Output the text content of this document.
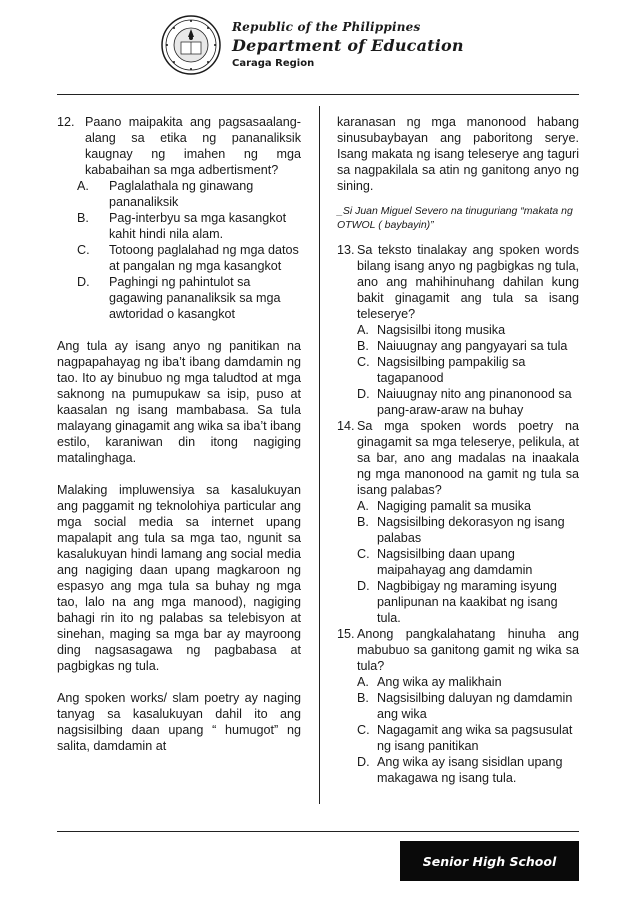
Republic of the Philippines
Department of Education
Caraga Region
12. Paano maipakita ang pagsasaalang-alang sa etika ng pananaliksik kaugnay ng imahen ng mga kababaihan sa mga adbertisment?
A.	Paglalathala ng ginawang pananaliksik
B.	Pag-interbyu sa mga kasangkot kahit hindi nila alam.
C.	Totoong paglalahad ng mga datos at pangalan ng mga kasangkot
D.	Paghingi ng pahintulot sa gagawing pananaliksik sa mga awtoridad o kasangkot

Ang tula ay isang anyo ng panitikan na nagpapahayag ng iba’t ibang damdamin ng tao. Ito ay binubuo ng mga taludtod at mga saknong na pumupukaw sa isip, puso at kaasalan ng isang mambabasa. Sa tula malayang ginagamit ang wika sa iba’t ibang estilo, karaniwan din itong nagiging matalinghaga.

Malaking impluwensiya sa kasalukuyan ang paggamit ng teknolohiya particular ang mga social media sa internet upang mapalapit ang tula sa mga tao, ngunit sa kasalukuyan hindi lamang ang social media ang nagiging daan upang magkaroon ng espasyo ang mga tula sa buhay ng mga tao, lalo na ang mga manood), nagiging bahagi rin ito ng palabas sa telebisyon at sinehan, maging sa mga bar ay mayroong ding nagsasagawa ng pagbabasa at pagbigkas ng tula.

Ang spoken works/ slam poetry ay naging tanyag sa kasalukuyan dahil ito ang nagsisilbing daan upang “ humugot” ng salita, damdamin at

karanasan ng mga manonood habang sinusubaybayan ang paboritong serye. Isang makata ng isang teleserye ang taguri sa nagpakilala sa atin ng ganitong anyo ng sining.

_Si Juan Miguel Severo na tinuguriang “makata ng OTWOL ( baybayin)”

13. Sa teksto tinalakay ang spoken words bilang isang anyo ng pagbigkas ng tula, ano ang mahihinuhang dahilan kung bakit ginagamit ang tula sa isang teleserye?
A. Nagsisilbi itong musika
B. Naiuugnay ang pangyayari sa tula
C. Nagsisilbing pampakilig sa tagapanood
D. Naiuugnay nito ang pinanonood sa pang-araw-araw na buhay
14. Sa mga spoken words poetry na ginagamit sa mga teleserye, pelikula, at sa bar, ano ang madalas na inaakala ng mga manonood na gamit ng tula sa isang palabas?
A. Nagiging pamalit sa musika
B. Nagsisilbing dekorasyon ng isang palabas
C. Nagsisilbing daan upang maipahayag ang damdamin
D. Nagbibigay ng maraming isyung panlipunan na kaakibat ng isang tula.
15. Anong pangkalahatang hinuha ang mabubuo sa ganitong gamit ng wika sa tula?
A. Ang wika ay malikhain
B. Nagsisilbing daluyan ng damdamin ang wika
C. Nagagamit ang wika sa pagsusulat ng isang panitikan
D. Ang wika ay isang sisidlan upang makagawa ng isang tula.
Senior High School
